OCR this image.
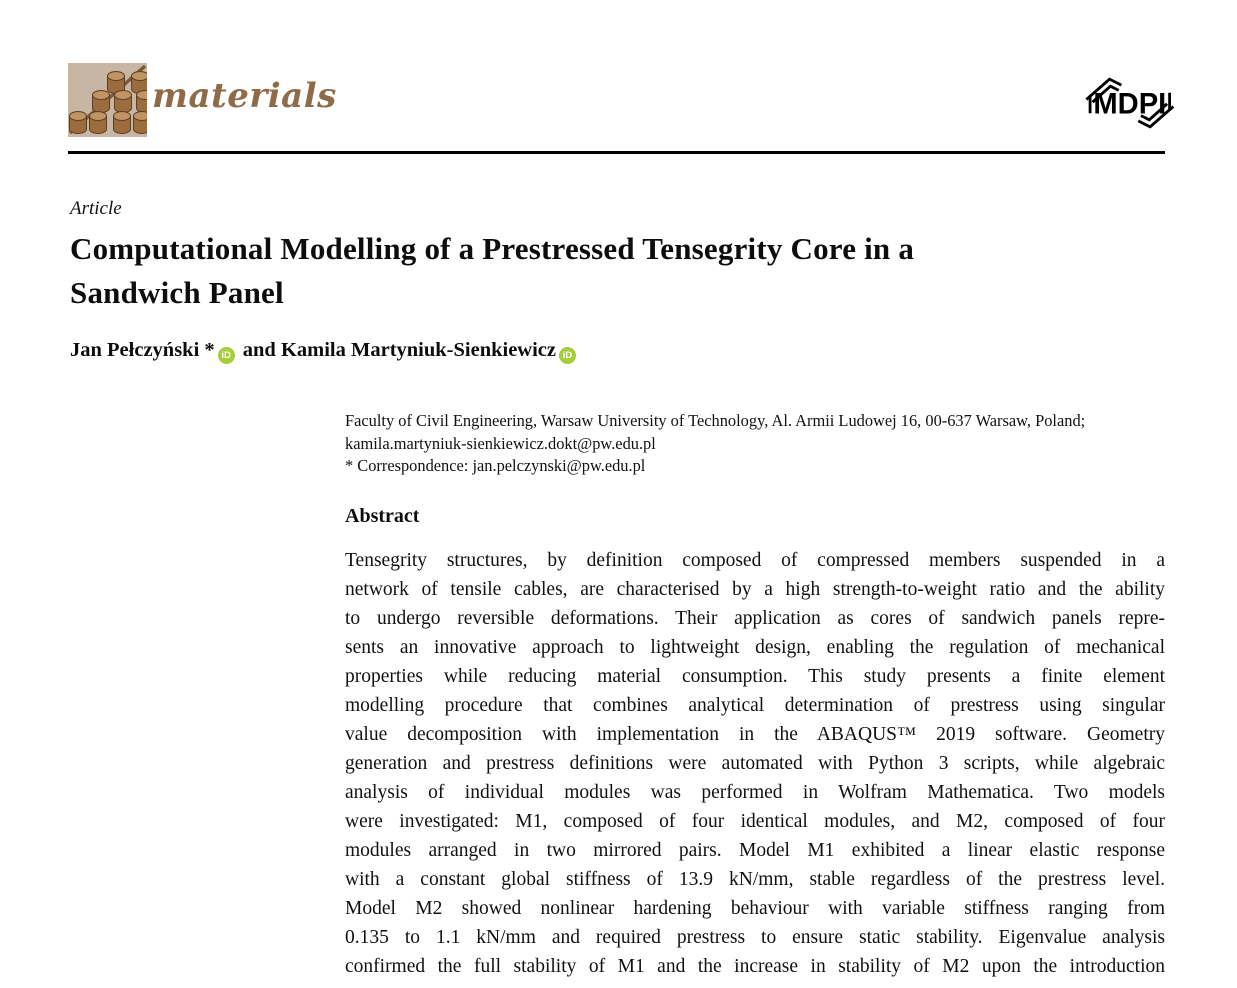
materials	MDPI
Article
Computational Modelling of a Prestressed Tensegrity Core in a
Sandwich Panel
Jan Pełczyński * iD and Kamila Martyniuk-Sienkiewicz iD
Faculty of Civil Engineering, Warsaw University of Technology, Al. Armii Ludowej 16, 00-637 Warsaw, Poland;
kamila.martyniuk-sienkiewicz.dokt@pw.edu.pl
* Correspondence: jan.pelczynski@pw.edu.pl
Abstract
Tensegrity structures, by definition composed of compressed members suspended in a
network of tensile cables, are characterised by a high strength-to-weight ratio and the ability
to undergo reversible deformations. Their application as cores of sandwich panels repre-
sents an innovative approach to lightweight design, enabling the regulation of mechanical
properties while reducing material consumption. This study presents a finite element
modelling procedure that combines analytical determination of prestress using singular
value decomposition with implementation in the ABAQUS™ 2019 software. Geometry
generation and prestress definitions were automated with Python 3 scripts, while algebraic
analysis of individual modules was performed in Wolfram Mathematica. Two models
were investigated: M1, composed of four identical modules, and M2, composed of four
modules arranged in two mirrored pairs. Model M1 exhibited a linear elastic response
with a constant global stiffness of 13.9 kN/mm, stable regardless of the prestress level.
Model M2 showed nonlinear hardening behaviour with variable stiffness ranging from
0.135 to 1.1 kN/mm and required prestress to ensure static stability. Eigenvalue analysis
confirmed the full stability of M1 and the increase in stability of M2 upon the introduction
